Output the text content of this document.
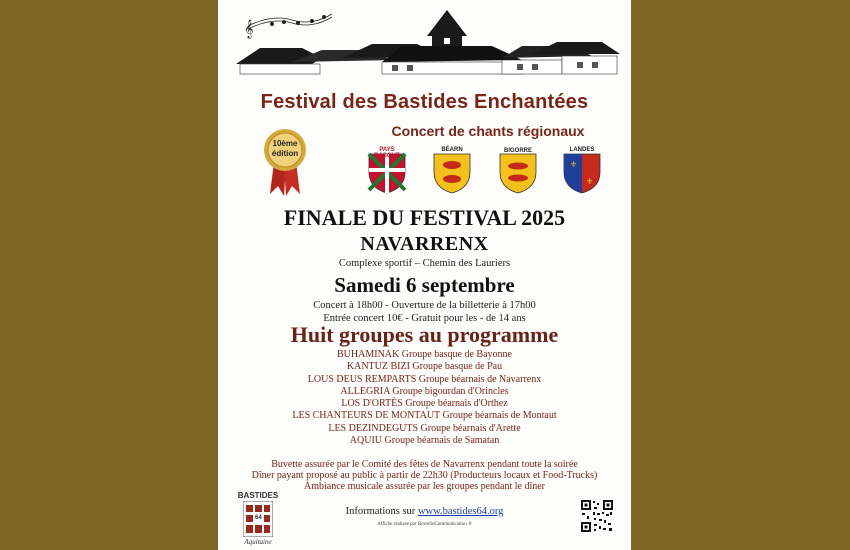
𝄞
Festival des Bastides Enchantées
Concert de chants régionaux
10ème
édition	PAYS BASQUE
BÉARN	BIGORRE
⚜
⚜
LANDES
FINALE DU FESTIVAL 2025
NAVARRENX
Complexe sportif – Chemin des Lauriers
Samedi 6 septembre
Concert à 18h00 - Ouverture de la billetterie à 17h00
Entrée concert 10€ - Gratuit pour les - de 14 ans
Huit groupes au programme
BUHAMINAK Groupe basque de Bayonne
KANTUZ BIZI Groupe basque de Pau
LOUS DEUS REMPARTS Groupe béarnais de Navarrenx
ALLEGRIA Groupe bigourdan d'Orincles
LOS D'ORTÈS Groupe béarnais d'Orthez
LES CHANTEURS DE MONTAUT Groupe béarnais de Montaut
LES DEZINDEGUTS Groupe béarnais d'Arette
AQUIU Groupe béarnais de Samatan
Buvette assurée par le Comité des fêtes de Navarrenx pendant toute la soirée
Dîner payant proposé au public à partir de 22h30 (Producteurs locaux et Food-Trucks)
Ambiance musicale assurée par les groupes pendant le dîner
BASTIDES
64
Aquitaine
Informations sur www.bastides64.org
Affiche réalisée par BorrelloCommunication ®
